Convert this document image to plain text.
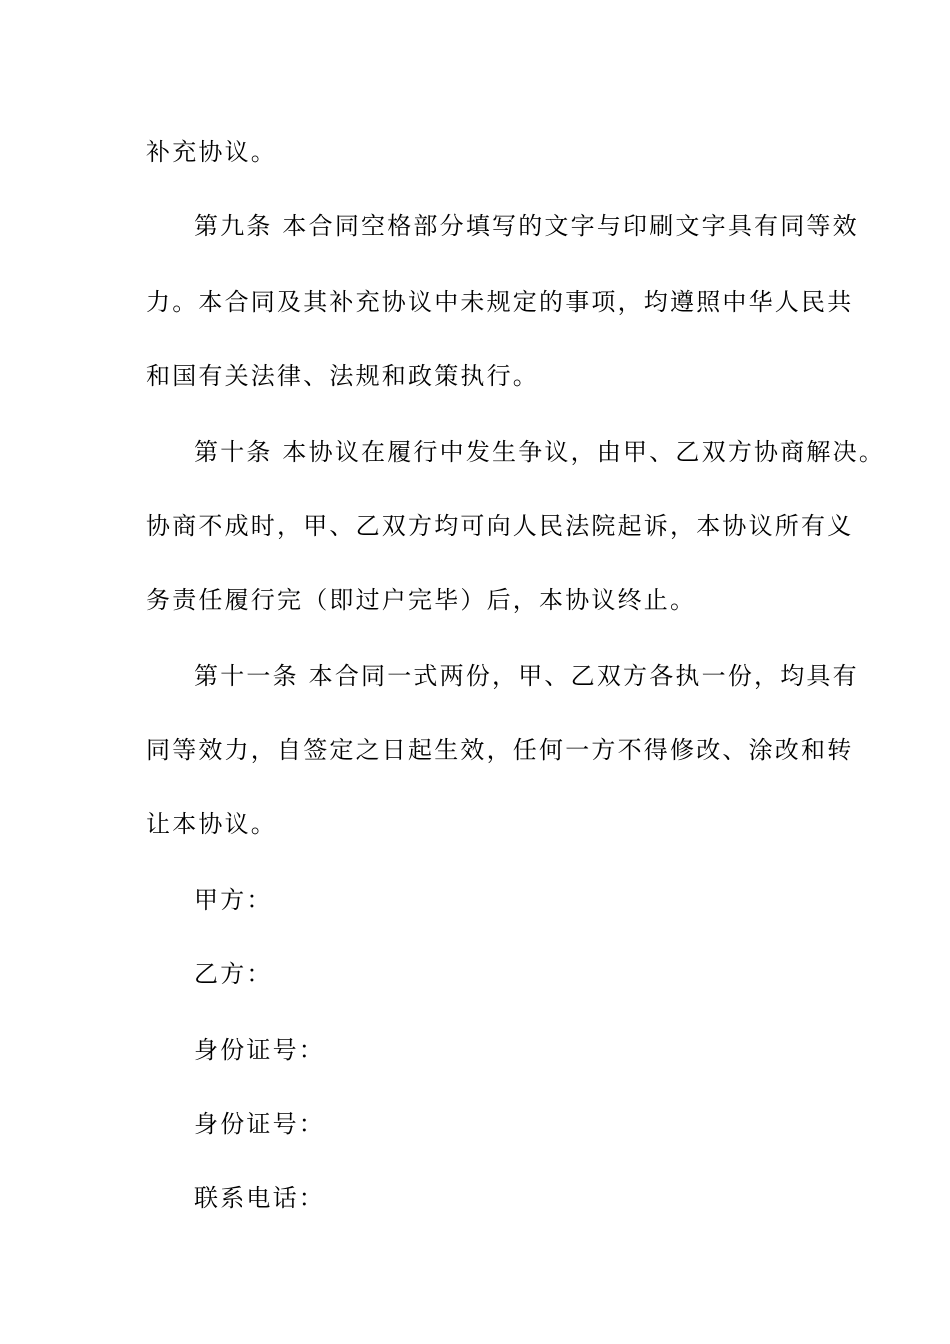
补充协议。
第九条 本合同空格部分填写的文字与印刷文字具有同等效
力。本合同及其补充协议中未规定的事项，均遵照中华人民共
和国有关法律、法规和政策执行。
第十条 本协议在履行中发生争议，由甲、乙双方协商解决。
协商不成时，甲、乙双方均可向人民法院起诉，本协议所有义
务责任履行完（即过户完毕）后，本协议终止。
第十一条 本合同一式两份，甲、乙双方各执一份，均具有
同等效力，自签定之日起生效，任何一方不得修改、涂改和转
让本协议。
甲方：
乙方：
身份证号：
身份证号：
联系电话：
